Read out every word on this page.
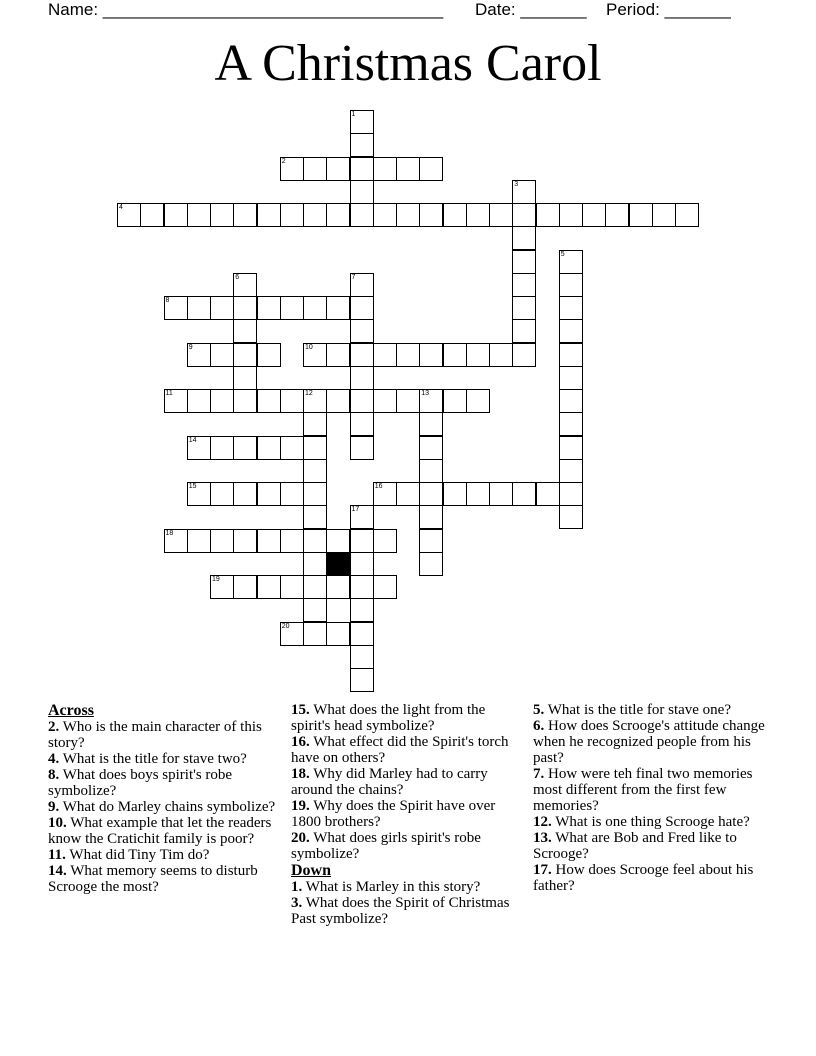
Name: ____________________________________ Date: _______ Period: _______
A Christmas Carol
1
2
3
4
5
6	7
8
9	10
11	12	13
14
15	16
17
18
19
20
Across
2. Who is the main character of this story?
4. What is the title for stave two?
8. What does boys spirit's robe symbolize?
9. What do Marley chains symbolize?
10. What example that let the readers know the Cratichit family is poor?
11. What did Tiny Tim do?
14. What memory seems to disturb Scrooge the most?
15. What does the light from the spirit's head symbolize?
16. What effect did the Spirit's torch have on others?
18. Why did Marley had to carry around the chains?
19. Why does the Spirit have over 1800 brothers?
20. What does girls spirit's robe symbolize?
Down
1. What is Marley in this story?
3. What does the Spirit of Christmas Past symbolize?
5. What is the title for stave one?
6. How does Scrooge's attitude change when he recognized people from his past?
7. How were teh final two memories most different from the first few memories?
12. What is one thing Scrooge hate?
13. What are Bob and Fred like to Scrooge?
17. How does Scrooge feel about his father?
